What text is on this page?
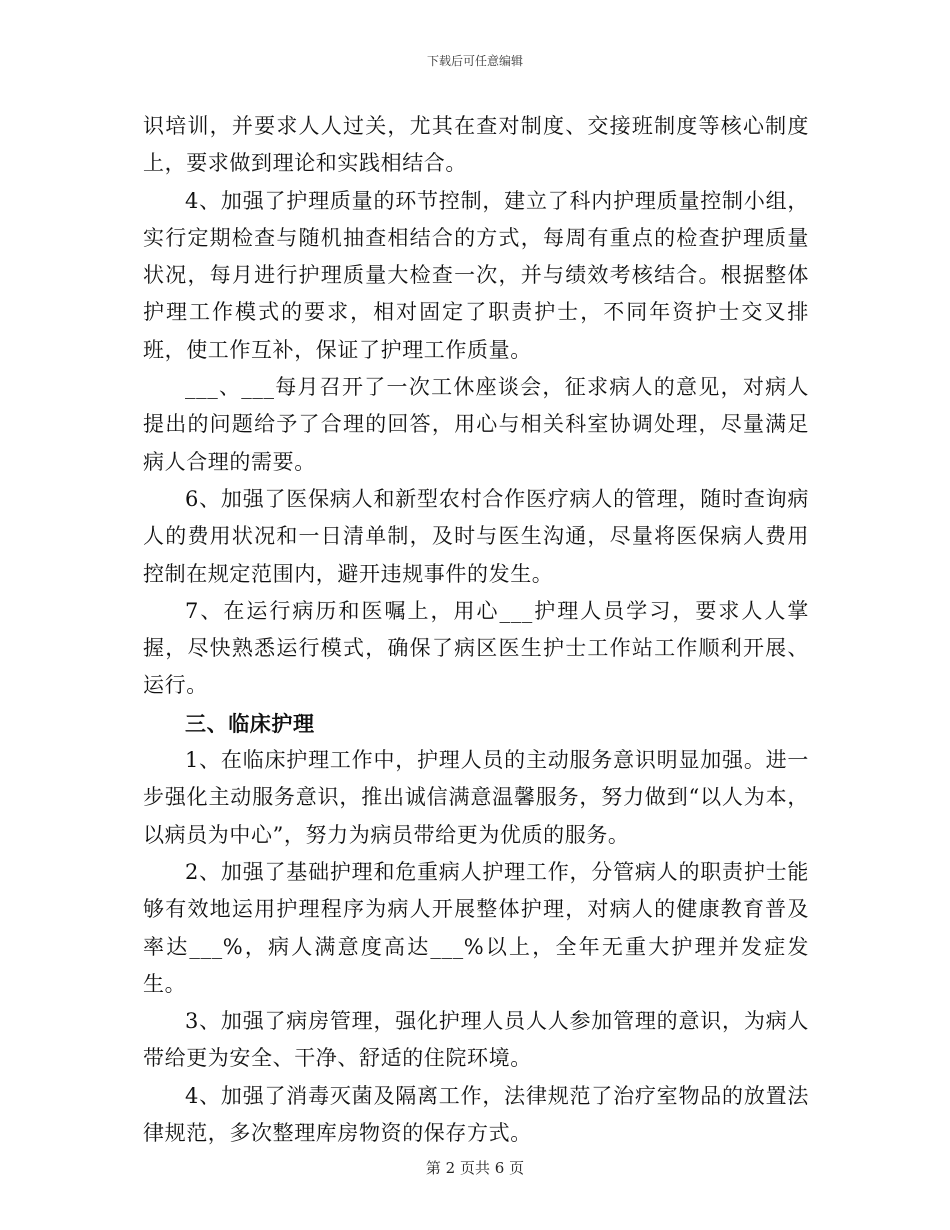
下载后可任意编辑

识培训，并要求人人过关，尤其在查对制度、交接班制度等核心制度上，要求做到理论和实践相结合。

4、加强了护理质量的环节控制，建立了科内护理质量控制小组，实行定期检查与随机抽查相结合的方式，每周有重点的检查护理质量状况，每月进行护理质量大检查一次，并与绩效考核结合。根据整体护理工作模式的要求，相对固定了职责护士，不同年资护士交叉排班，使工作互补，保证了护理工作质量。

___、___每月召开了一次工休座谈会，征求病人的意见，对病人提出的问题给予了合理的回答，用心与相关科室协调处理，尽量满足病人合理的需要。

6、加强了医保病人和新型农村合作医疗病人的管理，随时查询病人的费用状况和一日清单制，及时与医生沟通，尽量将医保病人费用控制在规定范围内，避开违规事件的发生。

7、在运行病历和医嘱上，用心___护理人员学习，要求人人掌握，尽快熟悉运行模式，确保了病区医生护士工作站工作顺利开展、运行。

三、临床护理

1、在临床护理工作中，护理人员的主动服务意识明显加强。进一步强化主动服务意识，推出诚信满意温馨服务，努力做到“以人为本，以病员为中心”，努力为病员带给更为优质的服务。

2、加强了基础护理和危重病人护理工作，分管病人的职责护士能够有效地运用护理程序为病人开展整体护理，对病人的健康教育普及率达___%，病人满意度高达___%以上，全年无重大护理并发症发生。

3、加强了病房管理，强化护理人员人人参加管理的意识，为病人带给更为安全、干净、舒适的住院环境。

4、加强了消毒灭菌及隔离工作，法律规范了治疗室物品的放置法律规范，多次整理库房物资的保存方式。

第 2 页共 6 页
